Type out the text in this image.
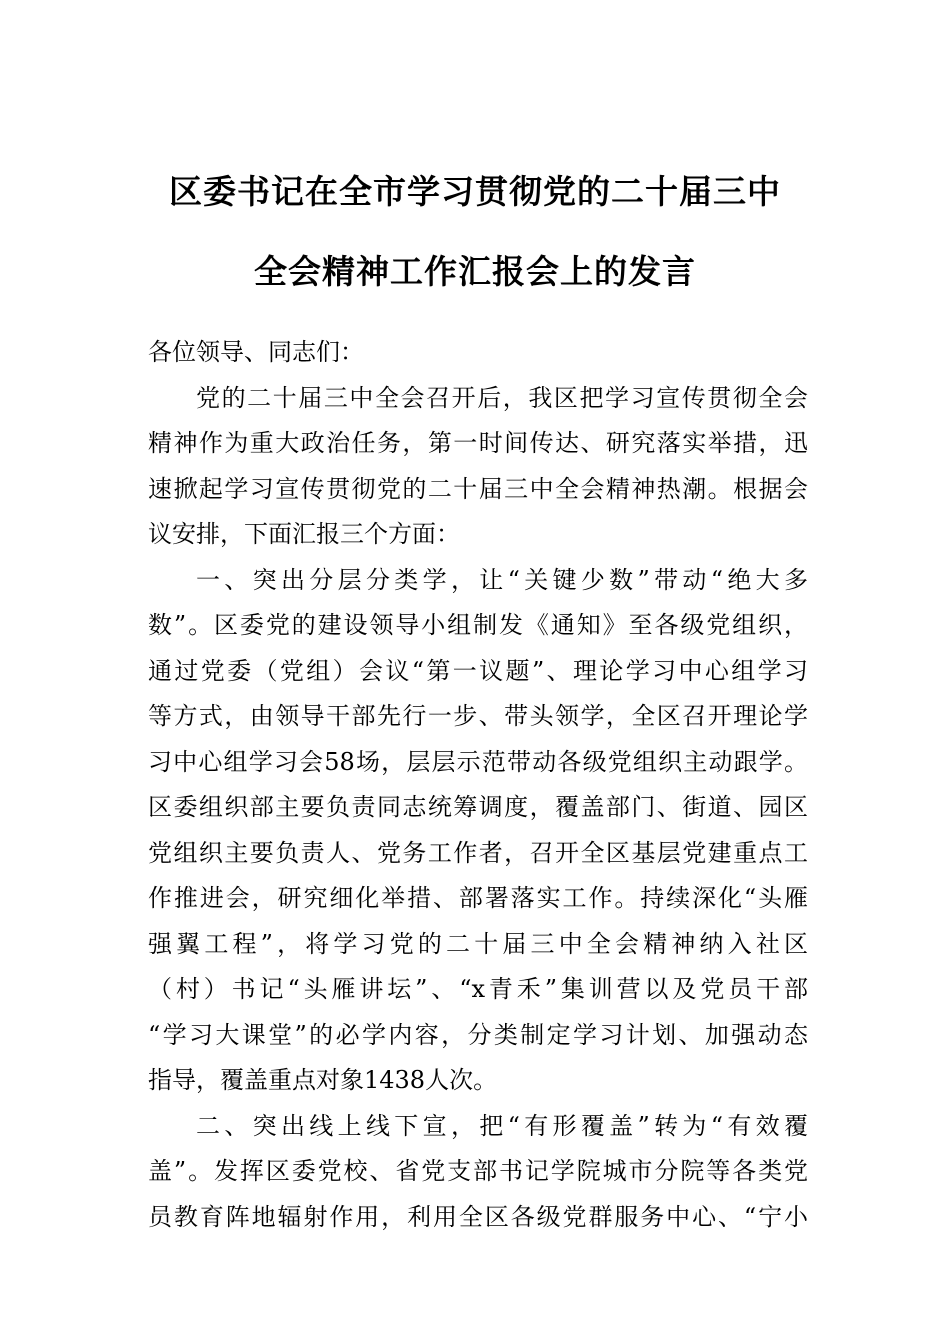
区委书记在全市学习贯彻党的二十届三中
全会精神工作汇报会上的发言
各位领导、同志们：
党的二十届三中全会召开后，我区把学习宣传贯彻全会
精神作为重大政治任务，第一时间传达、研究落实举措，迅
速掀起学习宣传贯彻党的二十届三中全会精神热潮。根据会
议安排，下面汇报三个方面：
一、突出分层分类学，让“关键少数”带动“绝大多
数”。区委党的建设领导小组制发《通知》至各级党组织，
通过党委（党组）会议“第一议题”、理论学习中心组学习
等方式，由领导干部先行一步、带头领学，全区召开理论学
习中心组学习会58场，层层示范带动各级党组织主动跟学。
区委组织部主要负责同志统筹调度，覆盖部门、街道、园区
党组织主要负责人、党务工作者，召开全区基层党建重点工
作推进会，研究细化举措、部署落实工作。持续深化“头雁
强翼工程”，将学习党的二十届三中全会精神纳入社区
（村）书记“头雁讲坛”、“x青禾”集训营以及党员干部
“学习大课堂”的必学内容，分类制定学习计划、加强动态
指导，覆盖重点对象1438人次。
二、突出线上线下宣，把“有形覆盖”转为“有效覆
盖”。发挥区委党校、省党支部书记学院城市分院等各类党
员教育阵地辐射作用，利用全区各级党群服务中心、“宁小
